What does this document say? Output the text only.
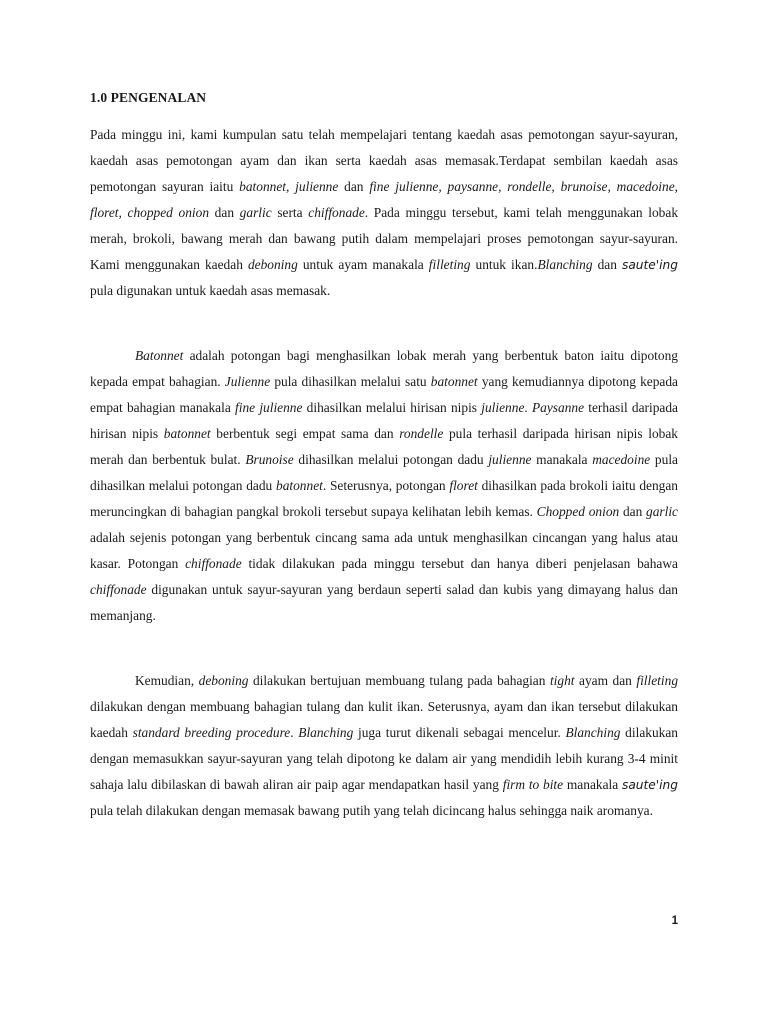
1.0 PENGENALAN

Pada minggu ini, kami kumpulan satu telah mempelajari tentang kaedah asas pemotongan sayur-sayuran, kaedah asas pemotongan ayam dan ikan serta kaedah asas memasak.Terdapat sembilan kaedah asas pemotongan sayuran iaitu batonnet, julienne dan fine julienne, paysanne, rondelle, brunoise, macedoine, floret, chopped onion dan garlic serta chiffonade. Pada minggu tersebut, kami telah menggunakan lobak merah, brokoli, bawang merah dan bawang putih dalam mempelajari proses pemotongan sayur-sayuran. Kami menggunakan kaedah deboning untuk ayam manakala filleting untuk ikan.Blanching dan saute'ing pula digunakan untuk kaedah asas memasak.

Batonnet adalah potongan bagi menghasilkan lobak merah yang berbentuk baton iaitu dipotong kepada empat bahagian. Julienne pula dihasilkan melalui satu batonnet yang kemudiannya dipotong kepada empat bahagian manakala fine julienne dihasilkan melalui hirisan nipis julienne. Paysanne terhasil daripada hirisan nipis batonnet berbentuk segi empat sama dan rondelle pula terhasil daripada hirisan nipis lobak merah dan berbentuk bulat. Brunoise dihasilkan melalui potongan dadu julienne manakala macedoine pula dihasilkan melalui potongan dadu batonnet. Seterusnya, potongan floret dihasilkan pada brokoli iaitu dengan meruncingkan di bahagian pangkal brokoli tersebut supaya kelihatan lebih kemas. Chopped onion dan garlic adalah sejenis potongan yang berbentuk cincang sama ada untuk menghasilkan cincangan yang halus atau kasar. Potongan chiffonade tidak dilakukan pada minggu tersebut dan hanya diberi penjelasan bahawa chiffonade digunakan untuk sayur-sayuran yang berdaun seperti salad dan kubis yang dimayang halus dan memanjang.

Kemudian, deboning dilakukan bertujuan membuang tulang pada bahagian tight ayam dan filleting dilakukan dengan membuang bahagian tulang dan kulit ikan. Seterusnya, ayam dan ikan tersebut dilakukan kaedah standard breeding procedure. Blanching juga turut dikenali sebagai mencelur. Blanching dilakukan dengan memasukkan sayur-sayuran yang telah dipotong ke dalam air yang mendidih lebih kurang 3-4 minit sahaja lalu dibilaskan di bawah aliran air paip agar mendapatkan hasil yang firm to bite manakala saute'ing pula telah dilakukan dengan memasak bawang putih yang telah dicincang halus sehingga naik aromanya.

1
